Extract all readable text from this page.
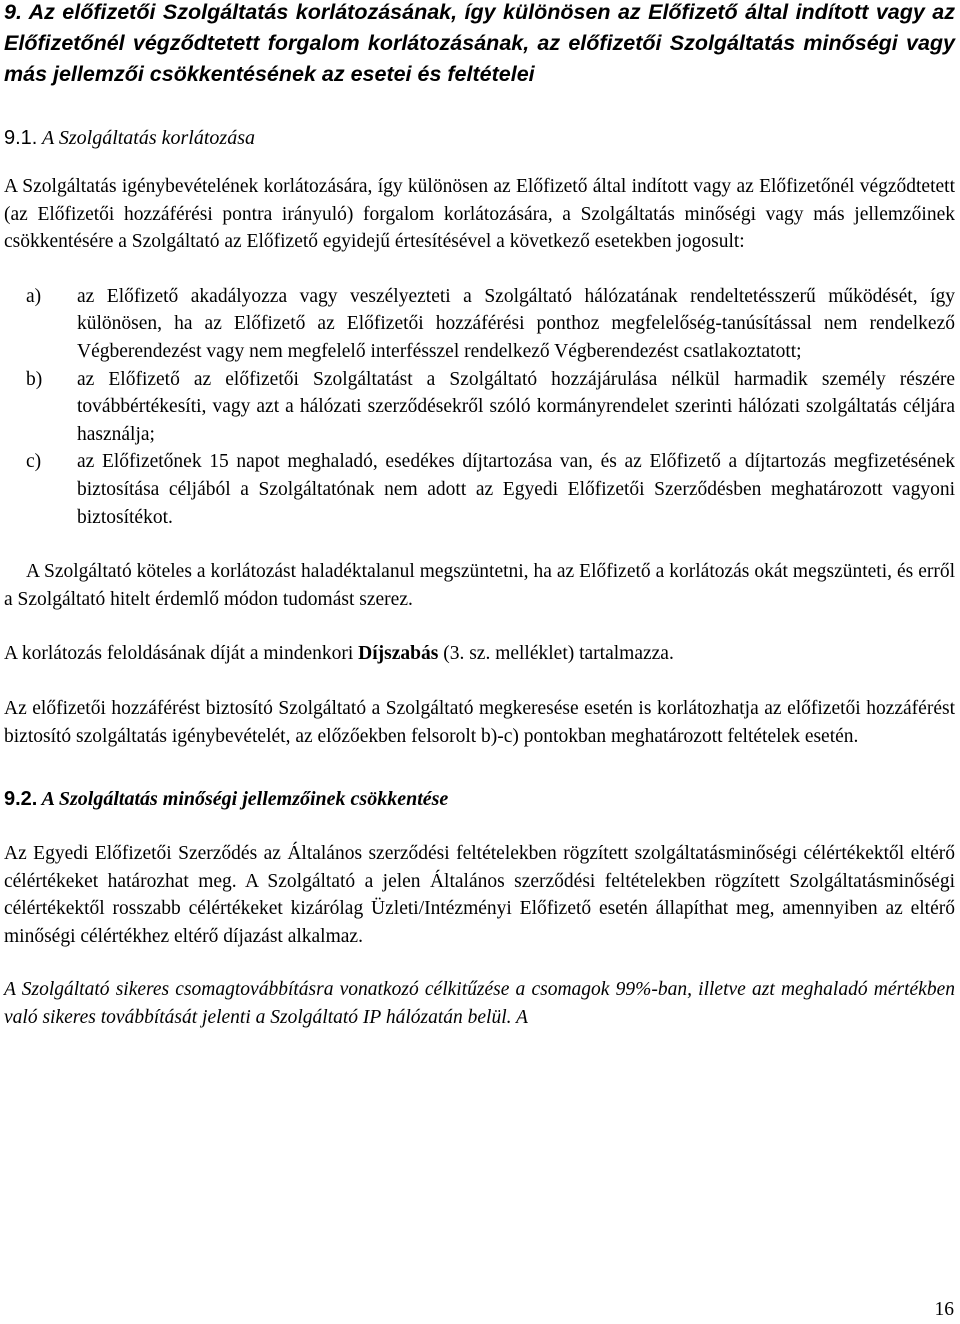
9. Az előfizetői Szolgáltatás korlátozásának, így különösen az Előfizető által indított vagy az Előfizetőnél végződtetett forgalom korlátozásának, az előfizetői Szolgáltatás minőségi vagy más jellemzői csökkentésének az esetei és feltételei
9.1. A Szolgáltatás korlátozása

A Szolgáltatás igénybevételének korlátozására, így különösen az Előfizető által indított vagy az Előfizetőnél végződtetett (az Előfizetői hozzáférési pontra irányuló) forgalom korlátozására, a Szolgáltatás minőségi vagy más jellemzőinek csökkentésére a Szolgáltató az Előfizető egyidejű értesítésével a következő esetekben jogosult:

a) az Előfizető akadályozza vagy veszélyezteti a Szolgáltató hálózatának rendeltetésszerű működését, így különösen, ha az Előfizető az Előfizetői hozzáférési ponthoz megfelelőség-tanúsítással nem rendelkező Végberendezést vagy nem megfelelő interfésszel rendelkező Végberendezést csatlakoztatott;
b) az Előfizető az előfizetői Szolgáltatást a Szolgáltató hozzájárulása nélkül harmadik személy részére továbbértékesíti, vagy azt a hálózati szerződésekről szóló kormányrendelet szerinti hálózati szolgáltatás céljára használja;
c) az Előfizetőnek 15 napot meghaladó, esedékes díjtartozása van, és az Előfizető a díjtartozás megfizetésének biztosítása céljából a Szolgáltatónak nem adott az Egyedi Előfizetői Szerződésben meghatározott vagyoni biztosítékot.

A Szolgáltató köteles a korlátozást haladéktalanul megszüntetni, ha az Előfizető a korlátozás okát megszünteti, és erről a Szolgáltató hitelt érdemlő módon tudomást szerez.

A korlátozás feloldásának díját a mindenkori Díjszabás (3. sz. melléklet) tartalmazza.

Az előfizetői hozzáférést biztosító Szolgáltató a Szolgáltató megkeresése esetén is korlátozhatja az előfizetői hozzáférést biztosító szolgáltatás igénybevételét, az előzőekben felsorolt b)-c) pontokban meghatározott feltételek esetén.

9.2. A Szolgáltatás minőségi jellemzőinek csökkentése

Az Egyedi Előfizetői Szerződés az Általános szerződési feltételekben rögzített szolgáltatásminőségi célértékektől eltérő célértékeket határozhat meg. A Szolgáltató a jelen Általános szerződési feltételekben rögzített Szolgáltatásminőségi célértékektől rosszabb célértékeket kizárólag Üzleti/Intézményi Előfizető esetén állapíthat meg, amennyiben az eltérő minőségi célértékhez eltérő díjazást alkalmaz.

A Szolgáltató sikeres csomagtovábbításra vonatkozó célkitűzése a csomagok 99%-ban, illetve azt meghaladó mértékben való sikeres továbbítását jelenti a Szolgáltató IP hálózatán belül. A

16
